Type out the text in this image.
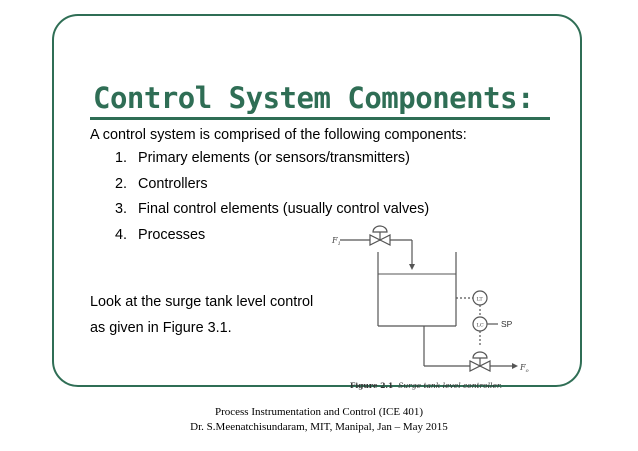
Control System Components:
A control system is comprised of the following components:
1. Primary elements (or sensors/transmitters)
2. Controllers
3. Final control elements (usually control valves)
4. Processes
Look at the surge tank level control
as given in Figure 3.1.
$F_1$
LT
LC SP
$F_o$
Figure 2.1 Surge tank level controller.
Process Instrumentation and Control (ICE 401)
Dr. S.Meenatchisundaram, MIT, Manipal, Jan – May 2015
